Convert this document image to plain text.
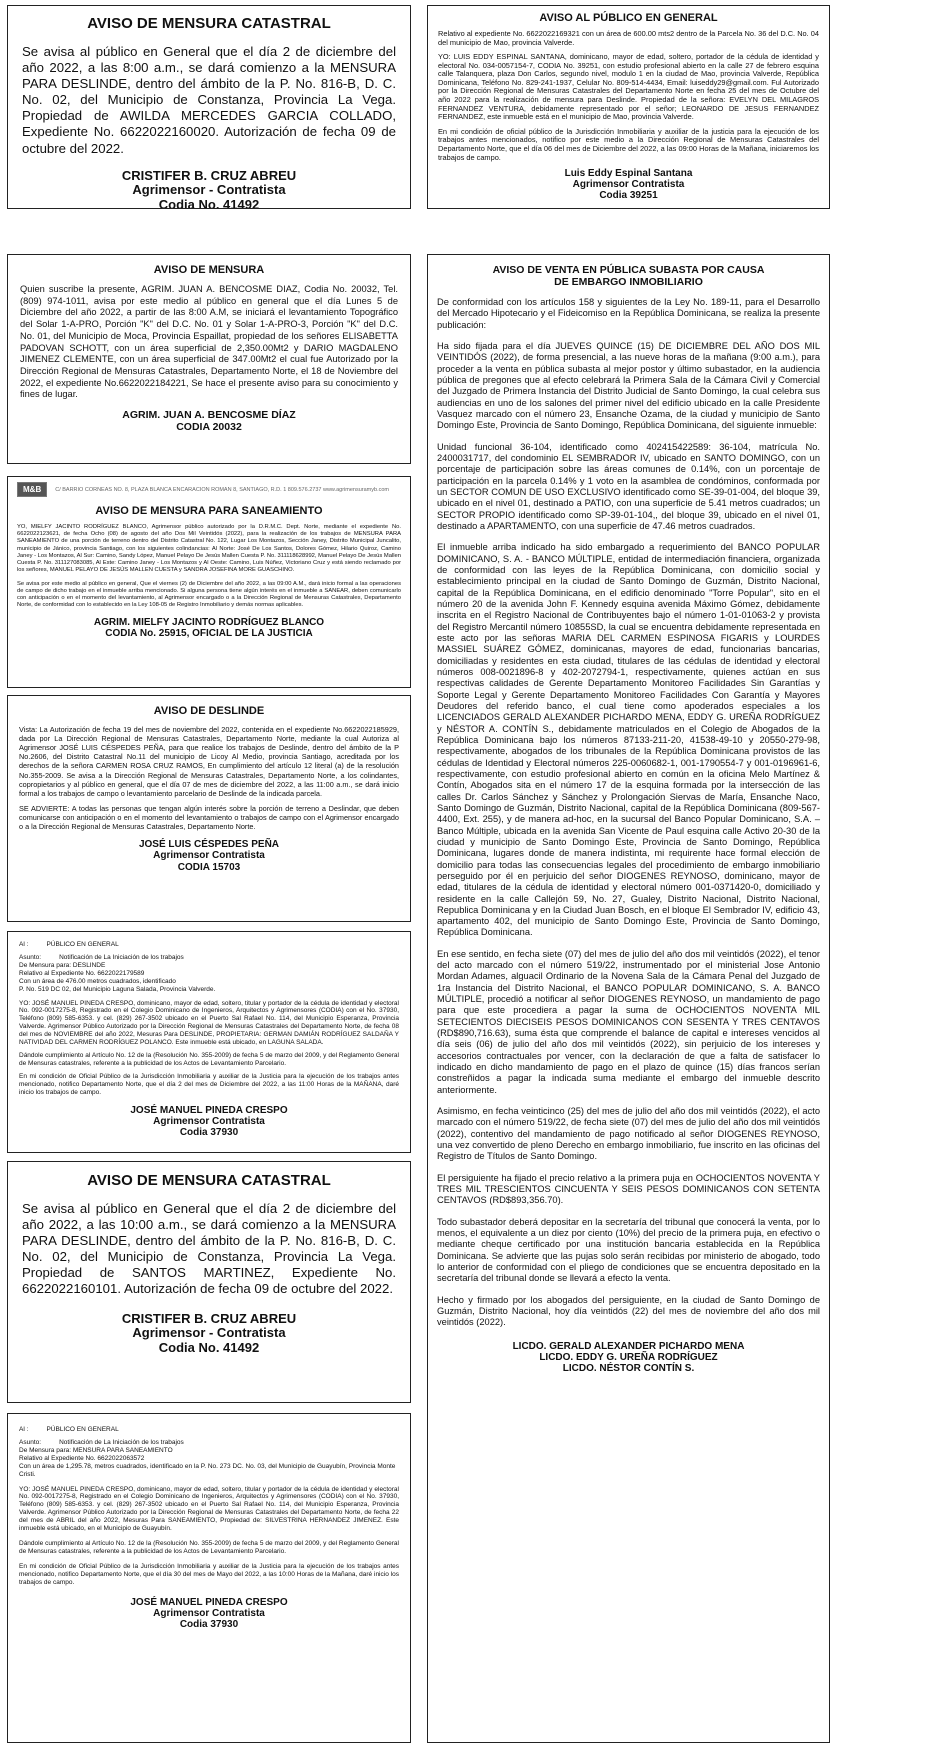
AVISO DE MENSURA CATASTRAL
Se avisa al público en General que el día 2 de diciembre del año 2022, a las 8:00 a.m., se dará comienzo a la MENSURA PARA DESLINDE, dentro del ámbito de la P. No. 816-B, D. C. No. 02, del Municipio de Constanza, Provincia La Vega. Propiedad de AWILDA MERCEDES GARCIA COLLADO, Expediente No. 6622022160020. Autorización de fecha 09 de octubre del 2022.
CRISTIFER B. CRUZ ABREU
Agrimensor - Contratista
Codia No. 41492
AVISO AL PÚBLICO EN GENERAL
Relativo al expediente No. 6622022169321 con un área de 600.00 mts2 dentro de la Parcela No. 36 del D.C. No. 04 del municipio de Mao, provincia Valverde.
YO: LUIS EDDY ESPINAL SANTANA, dominicano, mayor de edad, soltero, portador de la cédula de identidad y electoral No. 034-0057154-7, CODIA No. 39251, con estudio profesional abierto en la calle 27 de febrero esquina calle Talanquera, plaza Don Carlos, segundo nivel, modulo 1 en la ciudad de Mao, provincia Valverde, República Dominicana, Teléfono No. 829-241-1937, Celular No. 809-514-4434, Email: luiseddy29@gmail.com. Ful Autorizado por la Dirección Regional de Mensuras Catastrales del Departamento Norte en fecha 25 del mes de Octubre del año 2022 para la realización de mensura para Deslinde. Propiedad de la señora: EVELYN DEL MILAGROS FERNANDEZ VENTURA, debidamente representado por el señor; LEONARDO DE JESUS FERNANDEZ FERNANDEZ, este inmueble está en el municipio de Mao, provincia Valverde.
En mi condición de oficial público de la Jurisdicción Inmobiliaria y auxiliar de la justicia para la ejecución de los trabajos antes mencionados, notifico por este medio a la Dirección Regional de Mensuras Catastrales del Departamento Norte, que el día 06 del mes de Diciembre del 2022, a las 09:00 Horas de la Mañana, iniciaremos los trabajos de campo.
Luis Eddy Espinal Santana
Agrimensor Contratista
Codia 39251
AVISO DE MENSURA
Quien suscribe la presente, AGRIM. JUAN A. BENCOSME DIAZ, Codia No. 20032, Tel. (809) 974-1011, avisa por este medio al público en general que el día Lunes 5 de Diciembre del año 2022, a partir de las 8:00 A.M, se iniciará el levantamiento Topográfico del Solar 1-A-PRO, Porción "K" del D.C. No. 01 y Solar 1-A-PRO-3, Porción "K" del D.C. No. 01, del Municipio de Moca, Provincia Espaillat, propiedad de los señores ELISABETTA PADOVAN SCHOTT, con un área superficial de 2,350.00Mt2 y DARIO MAGDALENO JIMENEZ CLEMENTE, con un área superficial de 347.00Mt2 el cual fue Autorizado por la Dirección Regional de Mensuras Catastrales, Departamento Norte, el 18 de Noviembre del 2022, el expediente No.6622022184221, Se hace el presente aviso para su conocimiento y fines de lugar.
AGRIM. JUAN A. BENCOSME DÍAZ
CODIA 20032
M&B	C/ BARRIO CORNEAS NO. 8, PLAZA BLANCA ENCARACION ROMAN 8, SANTIAGO, R.D. 1 809.576.2737 www.agrimensuramyb.com
AVISO DE MENSURA PARA SANEAMIENTO
YO, MIELFY JACINTO RODRÍGUEZ BLANCO, Agrimensor público autorizado por la D.R.M.C. Dept. Norte, mediante el expediente No. 6622022123621, de fecha Ocho (08) de agosto del año Dos Mil Veintidós (2022), para la realización de los trabajos de MENSURA PARA SANEAMIENTO de una porción de terreno dentro del Distrito Catastral No. 122, Lugar Los Montazos, Sección Janey, Distrito Municipal Juncalito, municipio de Jánico, provincia Santiago, con los siguientes colindancias: Al Norte: José De Los Santos, Dolores Gómez, Hilario Quiroz, Camino Janey - Los Montazos, Al Sur: Camino, Sandy López, Manuel Pelayo De Jesús Mallen Cuesta P. No. 311118628992, Manuel Pelayo De Jesús Mallen Cuesta P. No. 311127083085, Al Este: Camino Janey - Los Montazos y Al Oeste: Camino, Luis Núñez, Victoriano Cruz y está siendo reclamado por los señores, MANUEL PELAYO DE JESÚS MALLEN CUESTA y SANDRA JOSEFINA MORE GUASCHINO.
Se avisa por este medio al público en general, Que el viernes (2) de Diciembre del año 2022, a las 09:00 A.M., dará inicio formal a las operaciones de campo de dicho trabajo en el inmueble arriba mencionado. Si alguna persona tiene algún interés en el inmueble a SANEAR, deben comunicarlo con anticipación o en el momento del levantamiento, al Agrimensor encargado o a la Dirección Regional de Mensuras Catastrales, Departamento Norte, de conformidad con lo establecido en la Ley 108-05 de Registro Inmobiliario y demás normas aplicables.
AGRIM. MIELFY JACINTO RODRÍGUEZ BLANCO
CODIA No. 25915, OFICIAL DE LA JUSTICIA
AVISO DE DESLINDE
Vista: La Autorización de fecha 19 del mes de noviembre del 2022, contenida en el expediente No.6622022185929, dada por La Dirección Regional de Mensuras Catastrales, Departamento Norte, mediante la cual Autoriza al Agrimensor JOSÉ LUIS CÉSPEDES PEÑA, para que realice los trabajos de Deslinde, dentro del ámbito de la P No.2606, del Distrito Catastral No.11 del municipio de Licoy Al Medio, provincia Santiago, acreditada por los derechos de la señora CARMEN ROSA CRUZ RAMOS, En cumplimiento del artículo 12 literal (a) de la resolución No.355-2009. Se avisa a la Dirección Regional de Mensuras Catastrales, Departamento Norte, a los colindantes, copropietarios y al público en general, que el día 07 de mes de diciembre del 2022, a las 11:00 a.m., se dará inicio formal a los trabajos de campo o levantamiento parcelario de Deslinde de la indicada parcela.
SE ADVIERTE: A todas las personas que tengan algún interés sobre la porción de terreno a Deslindar, que deben comunicarse con anticipación o en el momento del levantamiento o trabajos de campo con el Agrimensor encargado o a la Dirección Regional de Mensuras Catastrales, Departamento Norte.
JOSÉ LUIS CÉSPEDES PEÑA
Agrimensor Contratista
CODIA 15703
Al :          PÚBLICO EN GENERAL
Asunto:          Notificación de La Iniciación de los trabajos
De Mensura para: DESLINDE
Relativo al Expediente No. 6622022179589
Con un área de 476.00 metros cuadrados, identificado
P. No. 519 DC 02, del Municipio Laguna Salada, Provincia Valverde.
YO: JOSÉ MANUEL PINEDA CRESPO, dominicano, mayor de edad, soltero, titular y portador de la cédula de identidad y electoral No. 092-0017275-8, Registrado en el Colegio Dominicano de Ingenieros, Arquitectos y Agrimensores (CODIA) con el No. 37930, Teléfono (809) 585-6353. y cel. (829) 267-3502 ubicado en el Puerto Sal Rafael No. 114, del Municipio Esperanza, Provincia Valverde. Agrimensor Público Autorizado por la Dirección Regional de Mensuras Catastrales del Departamento Norte, de fecha 08 del mes de NOVIEMBRE del año 2022, Mesuras Para DESLINDE, PROPIETARIA: GERMAN DAMIÁN RODRÍGUEZ SALDAÑA Y NATIVIDAD DEL CARMEN RODRÍGUEZ POLANCO. Este inmueble está ubicado, en LAGUNA SALADA.
Dándole cumplimiento al Artículo No. 12 de la (Resolución No. 355-2009) de fecha 5 de marzo del 2009, y del Reglamento General de Mensuras catastrales, referente a la publicidad de los Actos de Levantamiento Parcelario.
En mi condición de Oficial Público de la Jurisdicción Inmobiliaria y auxiliar de la Justicia para la ejecución de los trabajos antes mencionado, notifico Departamento Norte, que el día 2 del mes de Diciembre del 2022, a las 11:00 Horas de la MAÑANA, daré inicio los trabajos de campo.
JOSÉ MANUEL PINEDA CRESPO
Agrimensor Contratista
Codia 37930
AVISO DE MENSURA CATASTRAL
Se avisa al público en General que el día 2 de diciembre del año 2022, a las 10:00 a.m., se dará comienzo a la MENSURA PARA DESLINDE, dentro del ámbito de la P. No. 816-B, D. C. No. 02, del Municipio de Constanza, Provincia La Vega. Propiedad de SANTOS MARTINEZ, Expediente No. 6622022160101. Autorización de fecha 09 de octubre del 2022.
CRISTIFER B. CRUZ ABREU
Agrimensor - Contratista
Codia No. 41492
Al :          PÚBLICO EN GENERAL
Asunto:          Notificación de La Iniciación de los trabajos
De Mensura para: MENSURA PARA SANEAMIENTO
Relativo al Expediente No. 6622022063572
Con un área de 1,295.78, metros cuadrados, identificado en la P. No. 273 DC. No. 03, del Municipio de Guayubín, Provincia Monte Cristi.
YO: JOSÉ MANUEL PINEDA CRESPO, dominicano, mayor de edad, soltero, titular y portador de la cédula de identidad y electoral No. 092-0017275-8, Registrado en el Colegio Dominicano de Ingenieros, Arquitectos y Agrimensores (CODIA) con el No. 37930, Teléfono (809) 585-6353. y cel. (829) 267-3502 ubicado en el Puerto Sal Rafael No. 114, del Municipio Esperanza, Provincia Valverde. Agrimensor Público Autorizado por la Dirección Regional de Mensuras Catastrales del Departamento Norte, de fecha 22 del mes de ABRIL del año 2022, Mesuras Para SANEAMIENTO, Propiedad de: SILVESTRINA HERNANDEZ JIMENEZ. Este inmueble está ubicado, en el Municipio de Guayubín.
Dándole cumplimiento al Artículo No. 12 de la (Resolución No. 355-2009) de fecha 5 de marzo del 2009, y del Reglamento General de Mensuras catastrales, referente a la publicidad de los Actos de Levantamiento Parcelario.
En mi condición de Oficial Público de la Jurisdicción Inmobiliaria y auxiliar de la Justicia para la ejecución de los trabajos antes mencionado, notifico Departamento Norte, que el día 30 del mes de Mayo del 2022, a las 10:00 Horas de la Mañana, daré inicio los trabajos de campo.
JOSÉ MANUEL PINEDA CRESPO
Agrimensor Contratista
Codia 37930
AVISO DE VENTA EN PÚBLICA SUBASTA POR CAUSA
DE EMBARGO INMOBILIARIO
De conformidad con los artículos 158 y siguientes de la Ley No. 189-11, para el Desarrollo del Mercado Hipotecario y el Fideicomiso en la República Dominicana, se realiza la presente publicación:
Ha sido fijada para el día JUEVES QUINCE (15) DE DICIEMBRE DEL AÑO DOS MIL VEINTIDÓS (2022), de forma presencial, a las nueve horas de la mañana (9:00 a.m.), para proceder a la venta en pública subasta al mejor postor y último subastador, en la audiencia pública de pregones que al efecto celebrará la Primera Sala de la Cámara Civil y Comercial del Juzgado de Primera Instancia del Distrito Judicial de Santo Domingo, la cual celebra sus audiencias en uno de los salones del primer nivel del edificio ubicado en la calle Presidente Vasquez marcado con el número 23, Ensanche Ozama, de la ciudad y municipio de Santo Domingo Este, Provincia de Santo Domingo, República Dominicana, del siguiente inmueble:
Unidad funcional 36-104, identificado como 402415422589: 36-104, matrícula No. 2400031717, del condominio EL SEMBRADOR IV, ubicado en SANTO DOMINGO, con un porcentaje de participación sobre las áreas comunes de 0.14%, con un porcentaje de participación en la parcela 0.14% y 1 voto en la asamblea de condóminos, conformada por un SECTOR COMUN DE USO EXCLUSIVO identificado como SE-39-01-004, del bloque 39, ubicado en el nivel 01, destinado a PATIO, con una superficie de 5.41 metros cuadrados; un SECTOR PROPIO identificado como SP-39-01-104,, del bloque 39, ubicado en el nivel 01, destinado a APARTAMENTO, con una superficie de 47.46 metros cuadrados.
El inmueble arriba indicado ha sido embargado a requerimiento del BANCO POPULAR DOMINICANO, S. A. - BANCO MÚLTIPLE, entidad de intermediación financiera, organizada de conformidad con las leyes de la República Dominicana, con domicilio social y establecimiento principal en la ciudad de Santo Domingo de Guzmán, Distrito Nacional, capital de la República Dominicana, en el edificio denominado "Torre Popular", sito en el número 20 de la avenida John F. Kennedy esquina avenida Máximo Gómez, debidamente inscrita en el Registro Nacional de Contribuyentes bajo el número 1-01-01063-2 y provista del Registro Mercantil número 10855SD, la cual se encuentra debidamente representada en este acto por las señoras MARIA DEL CARMEN ESPINOSA FIGARIS y LOURDES MASSIEL SUÁREZ GÓMEZ, dominicanas, mayores de edad, funcionarias bancarias, domiciliadas y residentes en esta ciudad, titulares de las cédulas de identidad y electoral números 008-0021896-8 y 402-2072794-1, respectivamente, quienes actúan en sus respectivas calidades de Gerente Departamento Monitoreo Facilidades Sin Garantías y Soporte Legal y Gerente Departamento Monitoreo Facilidades Con Garantía y Mayores Deudores del referido banco, el cual tiene como apoderados especiales a los LICENCIADOS GERALD ALEXANDER PICHARDO MENA, EDDY G. UREÑA RODRÍGUEZ y NÉSTOR A. CONTÍN S., debidamente matriculados en el Colegio de Abogados de la República Dominicana bajo los números 87133-211-20, 41538-49-10 y 20550-279-98, respectivamente, abogados de los tribunales de la República Dominicana provistos de las cédulas de Identidad y Electoral números 225-0060682-1, 001-1790554-7 y 001-0196961-6, respectivamente, con estudio profesional abierto en común en la oficina Melo Martínez & Contín, Abogados sita en el número 17 de la esquina formada por la intersección de las calles Dr. Carlos Sánchez y Sánchez y Prolongación Siervas de María, Ensanche Naco, Santo Domingo de Guzmán, Distrito Nacional, capital de la República Dominicana (809-567-4400, Ext. 255), y de manera ad-hoc, en la sucursal del Banco Popular Dominicano, S.A. – Banco Múltiple, ubicada en la avenida San Vicente de Paul esquina calle Activo 20-30 de la ciudad y municipio de Santo Domingo Este, Provincia de Santo Domingo, República Dominicana, lugares donde de manera indistinta, mi requirente hace formal elección de domicilio para todas las consecuencias legales del procedimiento de embargo inmobiliario perseguido por él en perjuicio del señor DIOGENES REYNOSO, dominicano, mayor de edad, titulares de la cédula de identidad y electoral número 001-0371420-0, domiciliado y residente en la calle Callejón 59, No. 27, Gualey, Distrito Nacional, Distrito Nacional, Republica Dominicana y en la Ciudad Juan Bosch, en el bloque El Sembrador IV, edificio 43, apartamento 402, del municipio de Santo Domingo Este, Provincia de Santo Domingo, República Dominicana.
En ese sentido, en fecha siete (07) del mes de julio del año dos mil veintidós (2022), el tenor del acto marcado con el número 519/22, instrumentado por el ministerial Jose Antonio Mordan Adames, alguacil Ordinario de la Novena Sala de la Cámara Penal del Juzgado de 1ra Instancia del Distrito Nacional, el BANCO POPULAR DOMINICANO, S. A. BANCO MÚLTIPLE, procedió a notificar al señor DIOGENES REYNOSO, un mandamiento de pago para que este procediera a pagar la suma de OCHOCIENTOS NOVENTA MIL SETECIENTOS DIECISEIS PESOS DOMINICANOS CON SESENTA Y TRES CENTAVOS (RD$890,716.63), suma ésta que comprende el balance de capital e intereses vencidos al día seis (06) de julio del año dos mil veintidós (2022), sin perjuicio de los intereses y accesorios contractuales por vencer, con la declaración de que a falta de satisfacer lo indicado en dicho mandamiento de pago en el plazo de quince (15) días francos serían constreñidos a pagar la indicada suma mediante el embargo del inmueble descrito anteriormente.
Asimismo, en fecha veinticinco (25) del mes de julio del año dos mil veintidós (2022), el acto marcado con el número 519/22, de fecha siete (07) del mes de julio del año dos mil veintidós (2022), contentivo del mandamiento de pago notificado al señor DIOGENES REYNOSO, una vez convertido de pleno Derecho en embargo inmobiliario, fue inscrito en las oficinas del Registro de Títulos de Santo Domingo.
El persiguiente ha fijado el precio relativo a la primera puja en OCHOCIENTOS NOVENTA Y TRES MIL TRESCIENTOS CINCUENTA Y SEIS PESOS DOMINICANOS CON SETENTA CENTAVOS (RD$893,356.70).
Todo subastador deberá depositar en la secretaría del tribunal que conocerá la venta, por lo menos, el equivalente a un diez por ciento (10%) del precio de la primera puja, en efectivo o mediante cheque certificado por una institución bancaria establecida en la República Dominicana. Se advierte que las pujas solo serán recibidas por ministerio de abogado, todo lo anterior de conformidad con el pliego de condiciones que se encuentra depositado en la secretaría del tribunal donde se llevará a efecto la venta.
Hecho y firmado por los abogados del persiguiente, en la ciudad de Santo Domingo de Guzmán, Distrito Nacional, hoy día veintidós (22) del mes de noviembre del año dos mil veintidós (2022).
LICDO. GERALD ALEXANDER PICHARDO MENA
LICDO. EDDY G. UREÑA RODRÍGUEZ
LICDO. NÉSTOR CONTÍN S.
